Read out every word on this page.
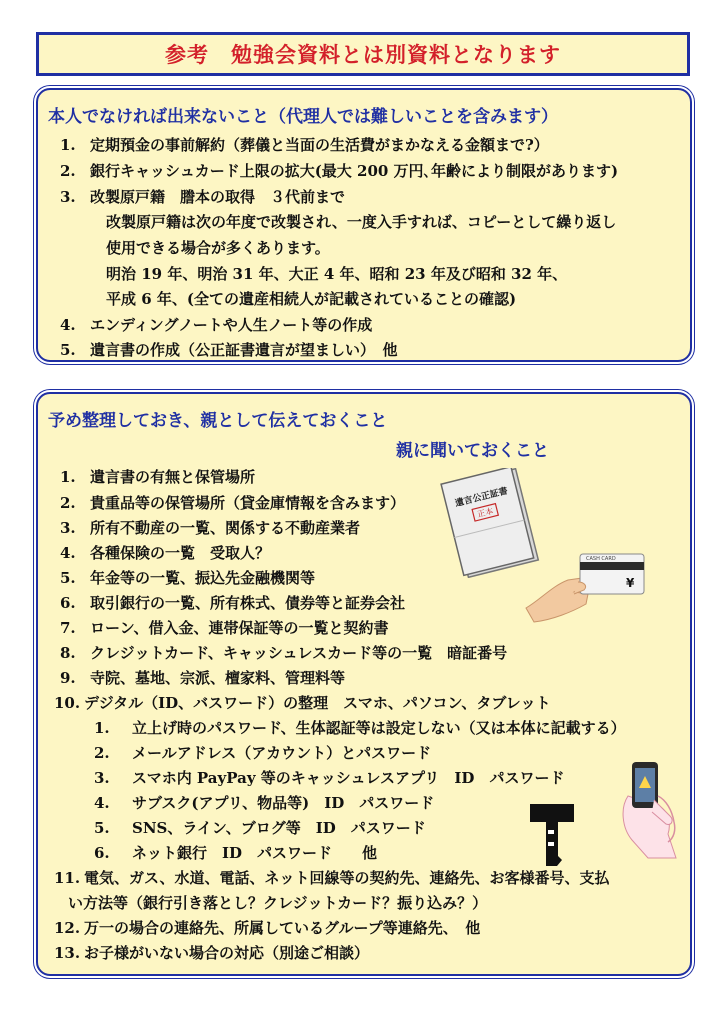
参考　勉強会資料とは別資料となります
本人でなければ出来ないこと（代理人では難しいことを含みます）
1. 定期預金の事前解約（葬儀と当面の生活費がまかなえる金額まで?）
2. 銀行キャッシュカード上限の拡大(最大 200 万円､年齢により制限があります)
3. 改製原戸籍　謄本の取得　３代前まで
改製原戸籍は次の年度で改製され、一度入手すれば、コピーとして繰り返し
使用できる場合が多くあります。
明治 19 年、明治 31 年、大正 4 年、昭和 23 年及び昭和 32 年、
平成 6 年、(全ての遺産相続人が記載されていることの確認)
4. エンディングノートや人生ノート等の作成
5. 遺言書の作成（公正証書遺言が望ましい）　他
予め整理しておき、親として伝えておくこと
親に聞いておくこと
1. 遺言書の有無と保管場所
2. 貴重品等の保管場所（貸金庫情報を含みます）
3. 所有不動産の一覧、関係する不動産業者
4. 各種保険の一覧　受取人？
5. 年金等の一覧、振込先金融機関等
6. 取引銀行の一覧、所有株式、債券等と証券会社
7. ローン、借入金、連帯保証等の一覧と契約書
8. クレジットカード、キャッシュレスカード等の一覧　暗証番号
9. 寺院、墓地、宗派、檀家料、管理料等
10. デジタル（ID、バスワード）の整理　スマホ、パソコン、タブレット
1. 立上げ時のパスワード、生体認証等は設定しない（又は本体に記載する）
2. メールアドレス（アカウント）とパスワード
3. スマホ内 PayPay 等のキャッシュレスアプリ　ID　パスワード
4. サブスク(アプリ、物品等)　ID　パスワード
5. SNS、ライン、ブログ等　ID　パスワード
6. ネット銀行　ID　パスワード　　他
11. 電気、ガス、水道、電話、ネット回線等の契約先、連絡先、お客様番号、支払
い方法等（銀行引き落とし？クレジットカード？振り込み？）
12. 万一の場合の連絡先、所属しているグループ等連絡先、　他
13. お子様がいない場合の対応（別途ご相談）
遺言公正証書
正本
CASH CARD
¥
